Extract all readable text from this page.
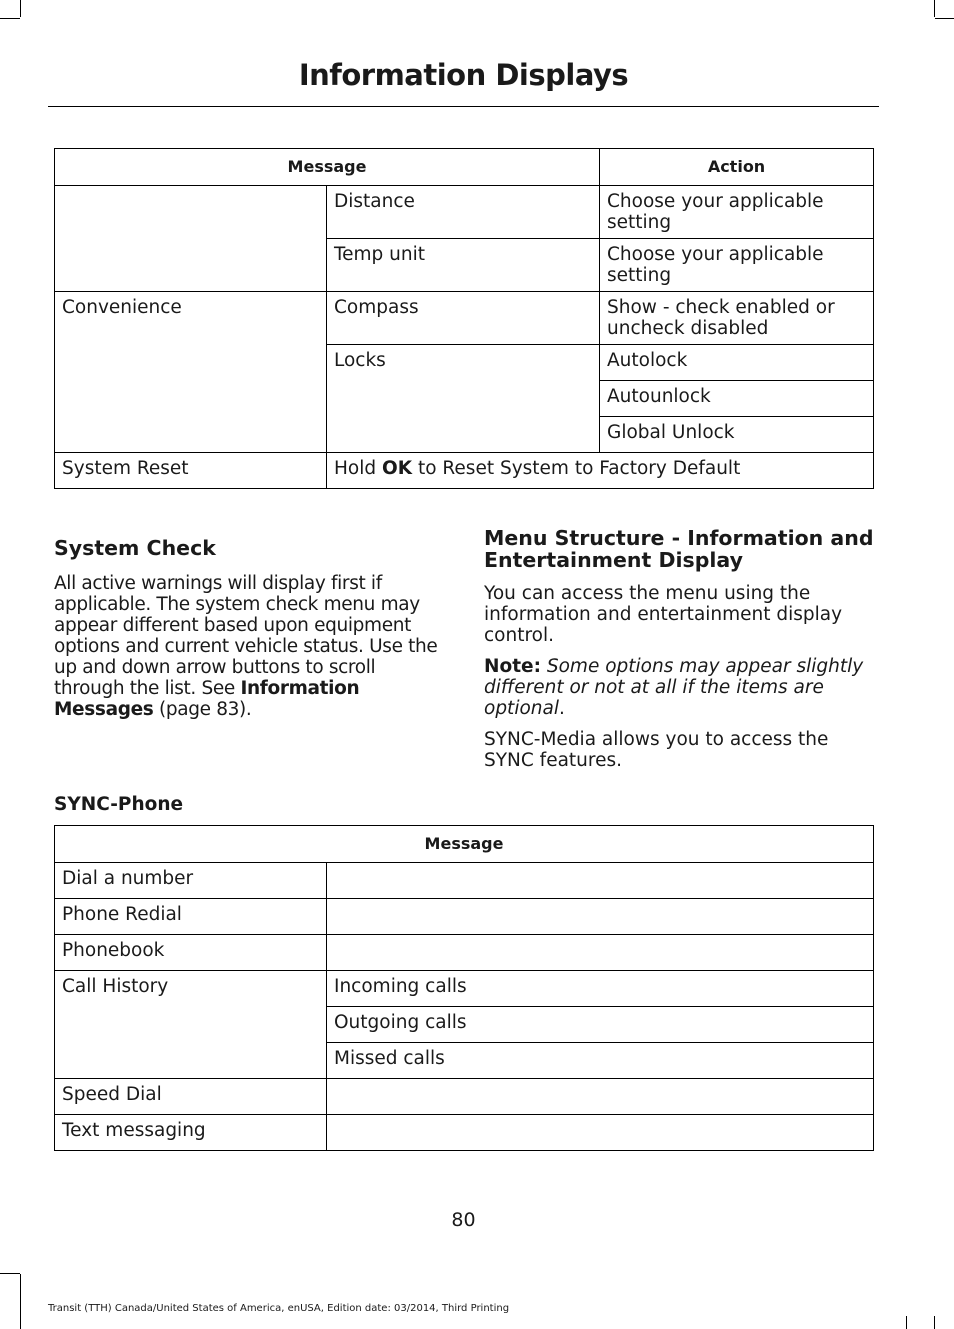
Information Displays
Message		Action
	Distance	Choose your applicable setting
	Temp unit	Choose your applicable setting
Convenience	Compass	Show - check enabled or uncheck disabled
	Locks	Autolock
		Autounlock
		Global Unlock
System Reset	Hold OK to Reset System to Factory Default	
System Check

All active warnings will display first if applicable. The system check menu may appear different based upon equipment options and current vehicle status. Use the up and down arrow buttons to scroll through the list. See Information Messages (page 83).

Menu Structure - Information and Entertainment Display

You can access the menu using the information and entertainment display control.

Note: Some options may appear slightly different or not at all if the items are optional.

SYNC-Media allows you to access the SYNC features.

SYNC-Phone
Message	
Dial a number	
Phone Redial	
Phonebook	
Call History	Incoming calls
	Outgoing calls
	Missed calls
Speed Dial	
Text messaging	
80
Transit (TTH) Canada/United States of America, enUSA, Edition date: 03/2014, Third Printing
